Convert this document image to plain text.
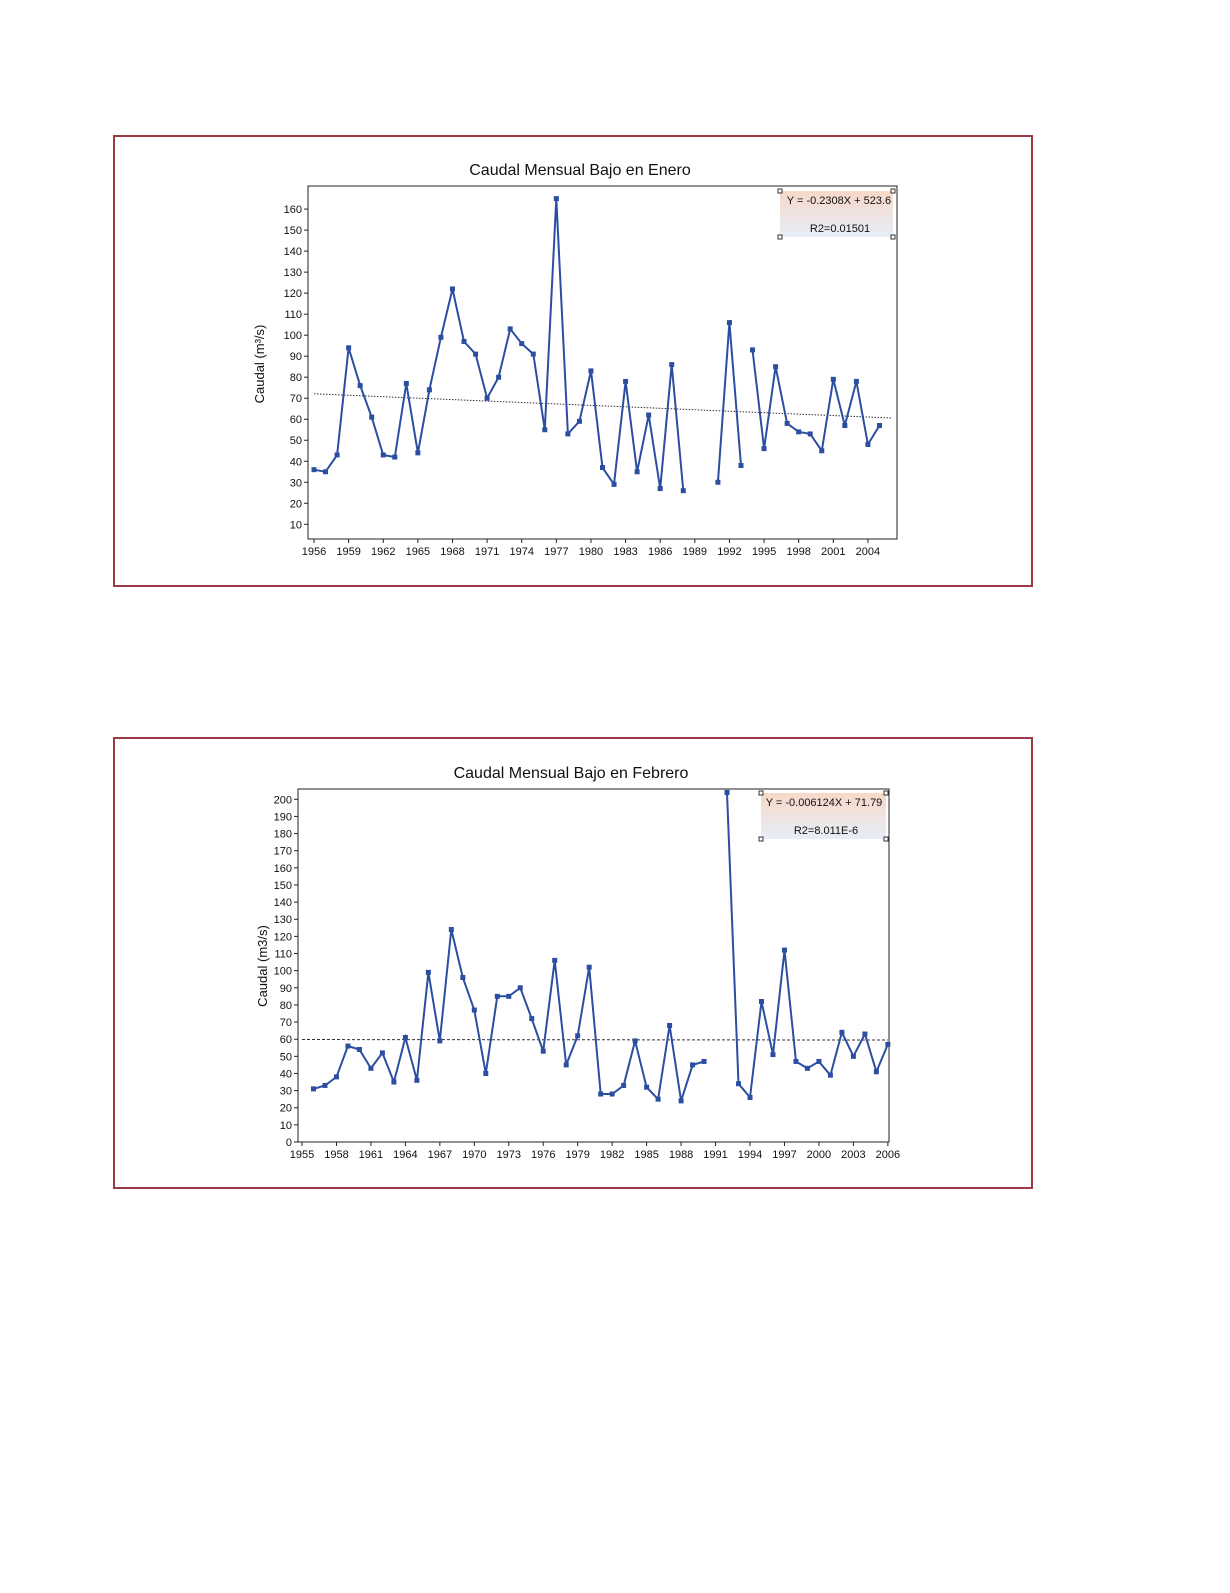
Caudal Mensual Bajo en Enero
Caudal (m³/s)
1956 1959 1962 1965 1968 1971 1974 1977 1980 1983 1986 1989 1992 1995 1998 2001 2004
10
20
30
40
50
60
70
80
90
100
110
120
130
140
150
160
Y = -0.2308X + 523.6
R2=0.01501
Caudal Mensual Bajo en Febrero
Caudal (m3/s)
1955 1958 1961 1964 1967 1970 1973 1976 1979 1982 1985 1988 1991 1994 1997 2000 2003 2006
0
10
20
30
40
50
60
70
80
90
100
110
120
130
140
150
160
170
180
190
200	Y = -0.006124X + 71.79
R2=8.011E-6
